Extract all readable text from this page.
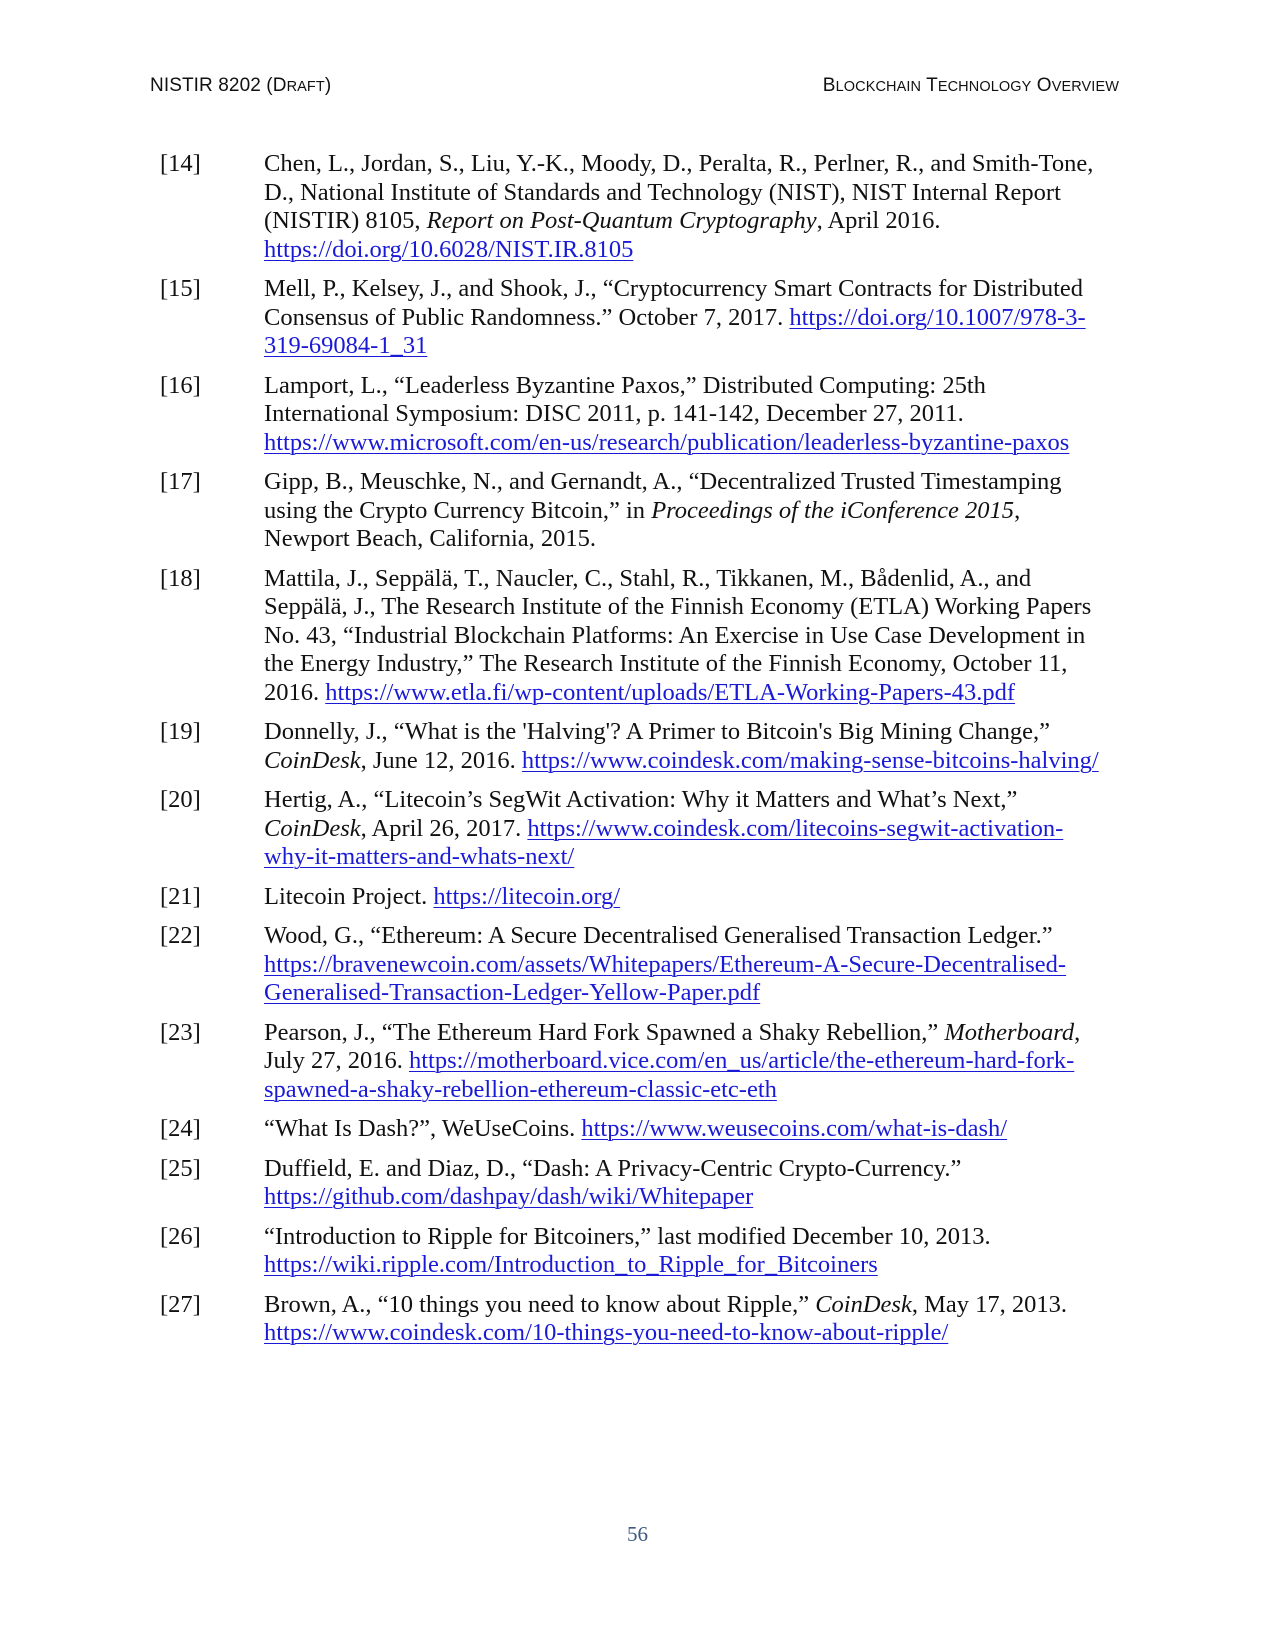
NISTIR 8202 (DRAFT)	BLOCKCHAIN TECHNOLOGY OVERVIEW
[14]	Chen, L., Jordan, S., Liu, Y.-K., Moody, D., Peralta, R., Perlner, R., and Smith-Tone, D., National Institute of Standards and Technology (NIST), NIST Internal Report (NISTIR) 8105, Report on Post-Quantum Cryptography, April 2016. https://doi.org/10.6028/NIST.IR.8105
[15]	Mell, P., Kelsey, J., and Shook, J., “Cryptocurrency Smart Contracts for Distributed Consensus of Public Randomness.” October 7, 2017. https://doi.org/10.1007/978-3-319-69084-1_31
[16]	Lamport, L., “Leaderless Byzantine Paxos,” Distributed Computing: 25th International Symposium: DISC 2011, p. 141-142, December 27, 2011. https://www.microsoft.com/en-us/research/publication/leaderless-byzantine-paxos
[17]	Gipp, B., Meuschke, N., and Gernandt, A., “Decentralized Trusted Timestamping using the Crypto Currency Bitcoin,” in Proceedings of the iConference 2015, Newport Beach, California, 2015.
[18]	Mattila, J., Seppälä, T., Naucler, C., Stahl, R., Tikkanen, M., Bådenlid, A., and Seppälä, J., The Research Institute of the Finnish Economy (ETLA) Working Papers No. 43, “Industrial Blockchain Platforms: An Exercise in Use Case Development in the Energy Industry,” The Research Institute of the Finnish Economy, October 11, 2016. https://www.etla.fi/wp-content/uploads/ETLA-Working-Papers-43.pdf
[19]	Donnelly, J., “What is the 'Halving'? A Primer to Bitcoin's Big Mining Change,” CoinDesk, June 12, 2016. https://www.coindesk.com/making-sense-bitcoins-halving/
[20]	Hertig, A., “Litecoin’s SegWit Activation: Why it Matters and What’s Next,” CoinDesk, April 26, 2017. https://www.coindesk.com/litecoins-segwit-activation-why-it-matters-and-whats-next/
[21]	Litecoin Project. https://litecoin.org/
[22]	Wood, G., “Ethereum: A Secure Decentralised Generalised Transaction Ledger.” https://bravenewcoin.com/assets/Whitepapers/Ethereum-A-Secure-Decentralised-Generalised-Transaction-Ledger-Yellow-Paper.pdf
[23]	Pearson, J., “The Ethereum Hard Fork Spawned a Shaky Rebellion,” Motherboard, July 27, 2016. https://motherboard.vice.com/en_us/article/the-ethereum-hard-fork-spawned-a-shaky-rebellion-ethereum-classic-etc-eth
[24]	“What Is Dash?”, WeUseCoins. https://www.weusecoins.com/what-is-dash/
[25]	Duffield, E. and Diaz, D., “Dash: A Privacy-Centric Crypto-Currency.” https://github.com/dashpay/dash/wiki/Whitepaper
[26]	“Introduction to Ripple for Bitcoiners,” last modified December 10, 2013. https://wiki.ripple.com/Introduction_to_Ripple_for_Bitcoiners
[27]	Brown, A., “10 things you need to know about Ripple,” CoinDesk, May 17, 2013. https://www.coindesk.com/10-things-you-need-to-know-about-ripple/
56
